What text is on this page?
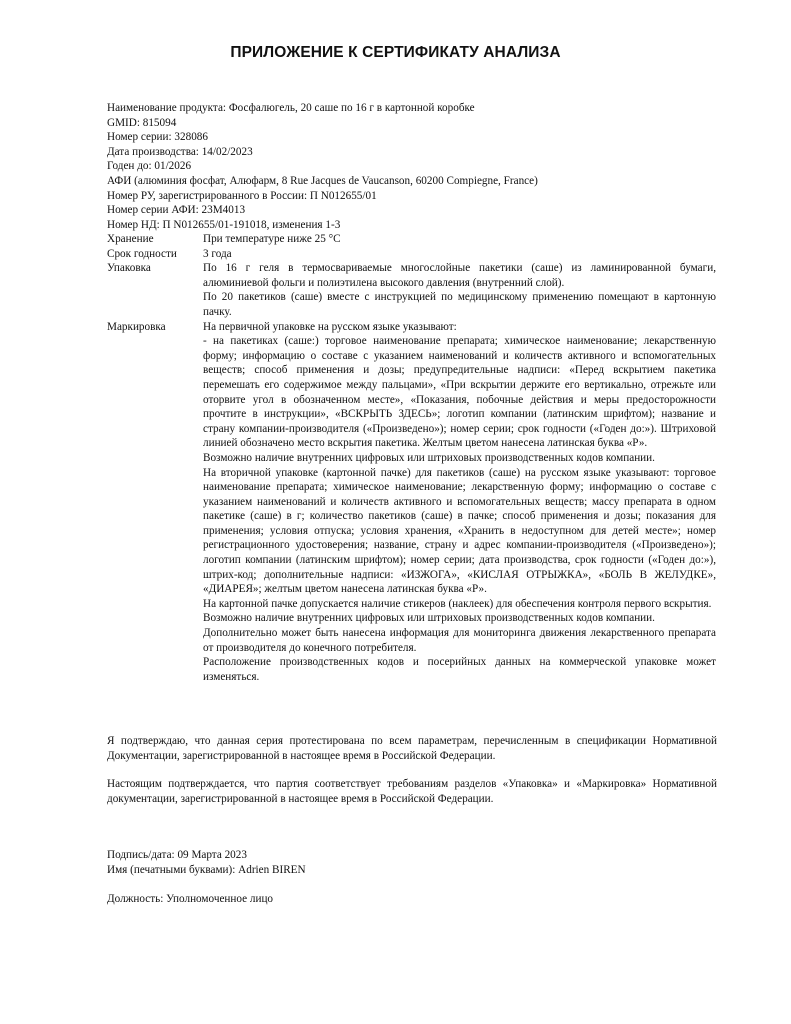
ПРИЛОЖЕНИЕ К СЕРТИФИКАТУ АНАЛИЗА
Наименование продукта: Фосфалюгель, 20 саше по 16 г в картонной коробке
GMID: 815094
Номер серии: 328086
Дата производства: 14/02/2023
Годен до: 01/2026
АФИ (алюминия фосфат, Алюфарм, 8 Rue Jacques de Vaucanson, 60200 Compiegne, France)
Номер РУ, зарегистрированного в России: П N012655/01
Номер серии АФИ: 23M4013
Номер НД: П N012655/01-191018, изменения 1-3
Хранение	При температуре ниже 25 °С

Срок годности	3 года

Упаковка	По 16 г геля в термосвариваемые многослойные пакетики (саше) из ламинированной бумаги, алюминиевой фольги и полиэтилена высокого давления (внутренний слой).

По 20 пакетиков (саше) вместе с инструкцией по медицинскому применению помещают в картонную пачку.

Маркировка	На первичной упаковке на русском языке указывают:

- на пакетиках (саше:) торговое наименование препарата; химическое наименование; лекарственную форму; информацию о составе с указанием наименований и количеств активного и вспомогательных веществ; способ применения и дозы; предупредительные надписи: «Перед вскрытием пакетика перемешать его содержимое между пальцами», «При вскрытии держите его вертикально, отрежьте или оторвите угол в обозначенном месте», «Показания, побочные действия и меры предосторожности прочтите в инструкции», «ВСКРЫТЬ ЗДЕСЬ»; логотип компании (латинским шрифтом); название и страну компании-производителя («Произведено»); номер серии; срок годности («Годен до:»). Штриховой линией обозначено место вскрытия пакетика. Желтым цветом нанесена латинская буква «Р».

Возможно наличие внутренних цифровых или штриховых производственных кодов компании.

На вторичной упаковке (картонной пачке) для пакетиков (саше) на русском языке указывают: торговое наименование препарата; химическое наименование; лекарственную форму; информацию о составе с указанием наименований и количеств активного и вспомогательных веществ; массу препарата в одном пакетике (саше) в г; количество пакетиков (саше) в пачке; способ применения и дозы; показания для применения; условия отпуска; условия хранения, «Хранить в недоступном для детей месте»; номер регистрационного удостоверения; название, страну и адрес компании-производителя («Произведено»); логотип компании (латинским шрифтом); номер серии; дата производства, срок годности («Годен до:»), штрих-код; дополнительные надписи: «ИЗЖОГА», «КИСЛАЯ ОТРЫЖКА», «БОЛЬ В ЖЕЛУДКЕ», «ДИАРЕЯ»; желтым цветом нанесена латинская буква «Р».

На картонной пачке допускается наличие стикеров (наклеек) для обеспечения контроля первого вскрытия.

Возможно наличие внутренних цифровых или штриховых производственных кодов компании.

Дополнительно может быть нанесена информация для мониторинга движения лекарственного препарата от производителя до конечного потребителя.

Расположение производственных кодов и посерийных данных на коммерческой упаковке может изменяться.

Я подтверждаю, что данная серия протестирована по всем параметрам, перечисленным в спецификации Нормативной Документации, зарегистрированной в настоящее время в Российской Федерации.

Настоящим подтверждается, что партия соответствует требованиям разделов «Упаковка» и «Маркировка» Нормативной документации, зарегистрированной в настоящее время в Российской Федерации.

Подпись/дата: 09 Марта 2023
Имя (печатными буквами): Adrien BIREN
Должность: Уполномоченное лицо
